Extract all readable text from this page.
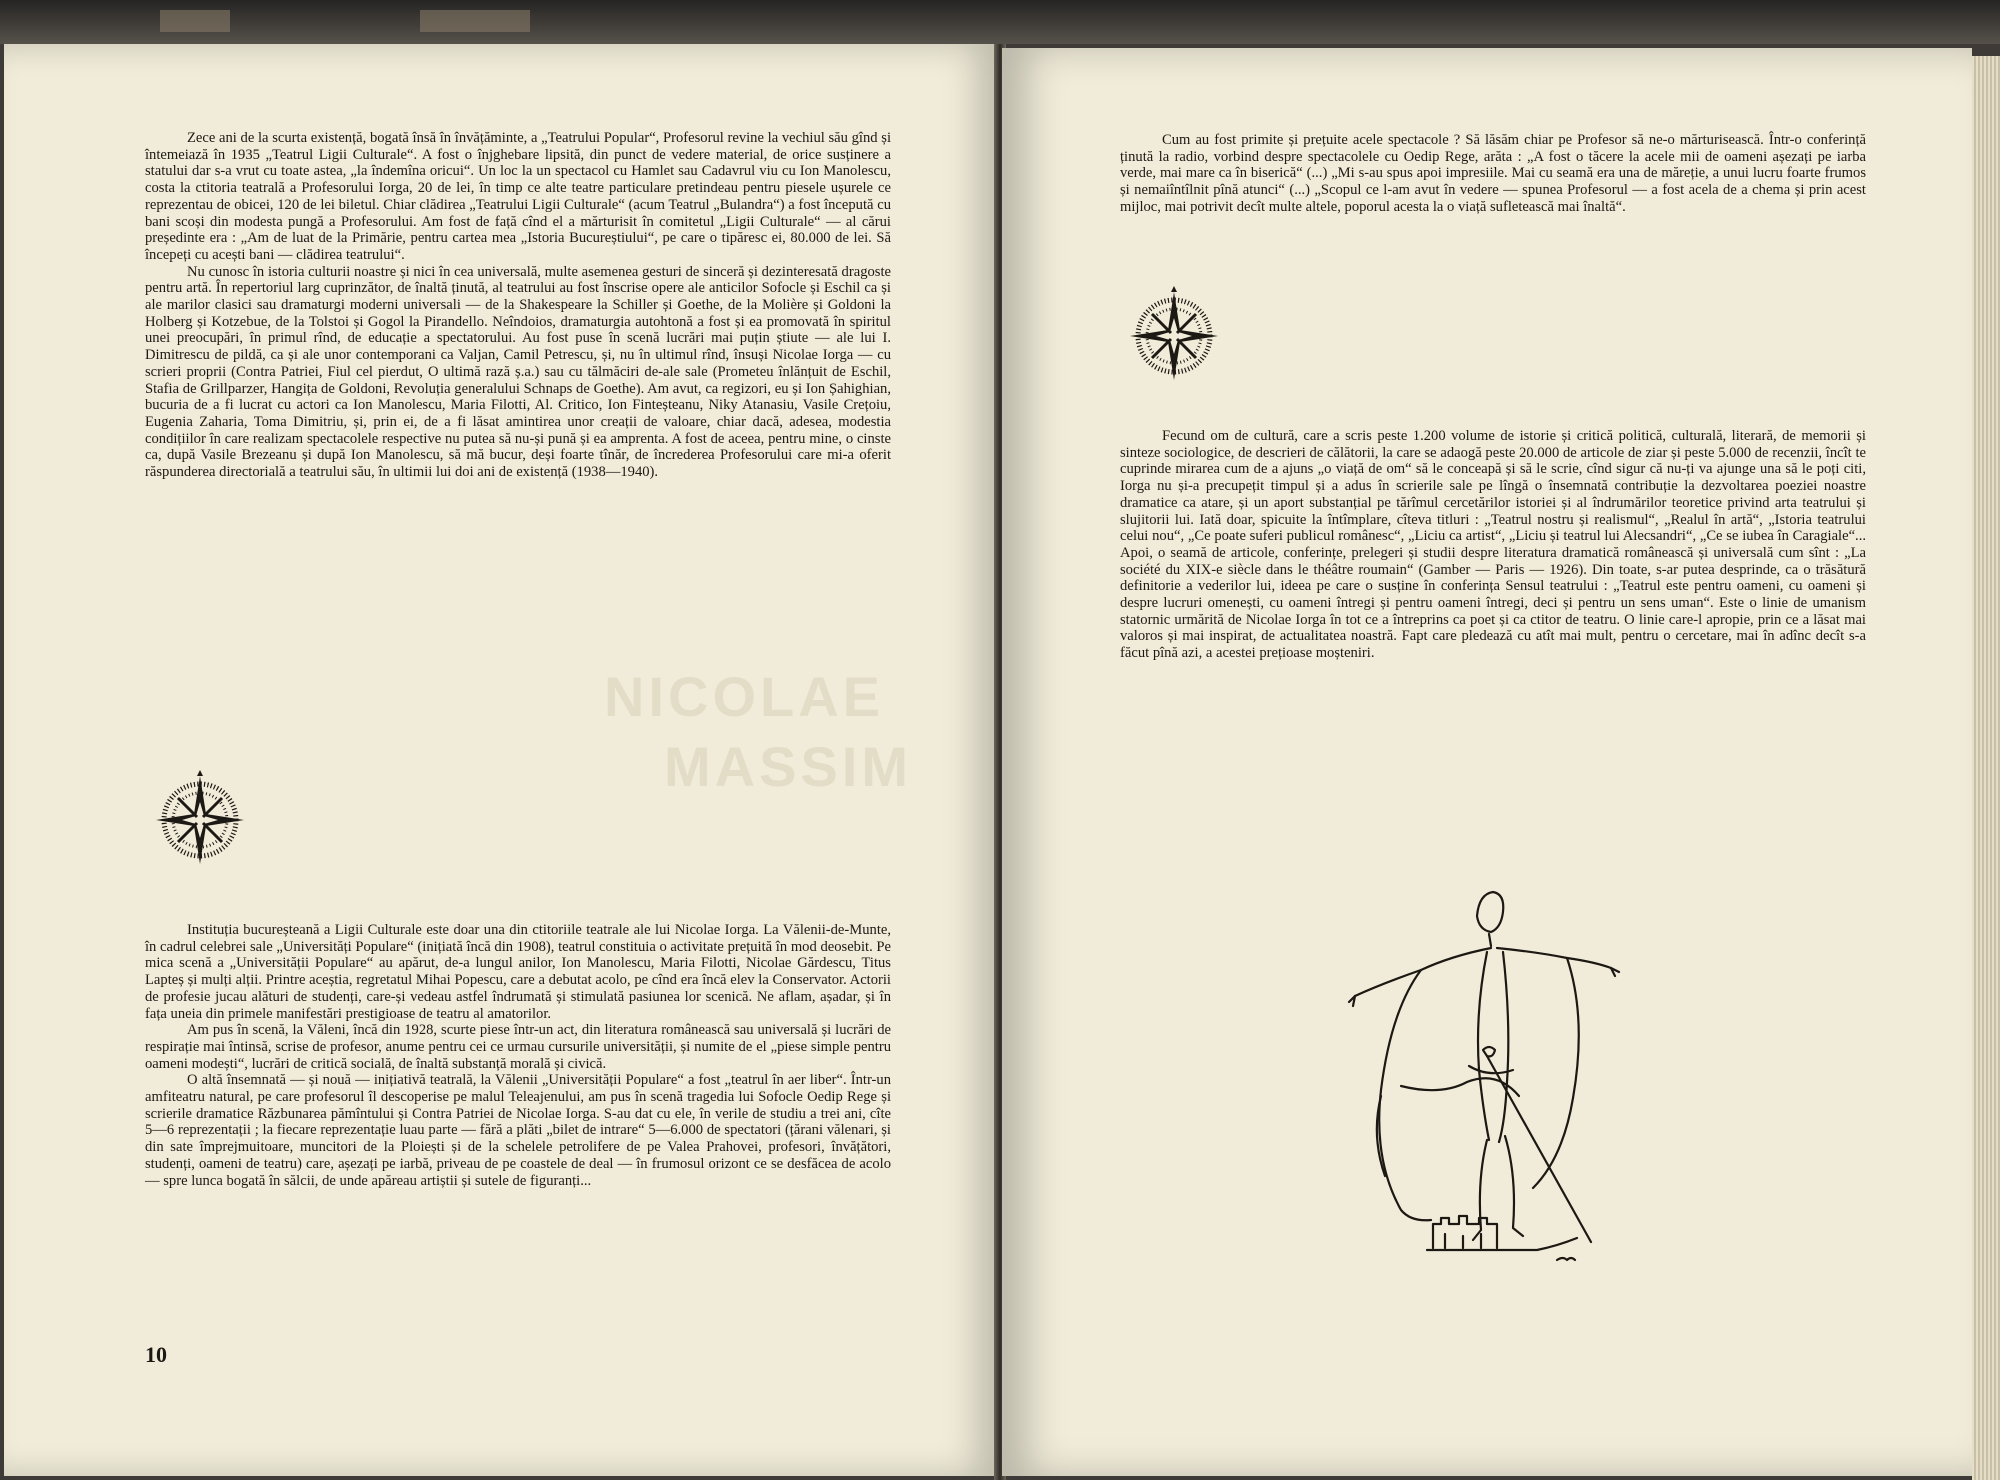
Zece ani de la scurta existență, bogată însă în învățăminte, a „Teatrului Popular“, Profesorul revine la vechiul său gînd și întemeiază în 1935 „Teatrul Ligii Culturale“. A fost o înjghebare lipsită, din punct de vedere material, de orice susținere a statului dar s-a vrut cu toate astea, „la îndemîna oricui“. Un loc la un spectacol cu Hamlet sau Cadavrul viu cu Ion Manolescu, costa la ctitoria teatrală a Profesorului Iorga, 20 de lei, în timp ce alte teatre particulare pretindeau pentru piesele ușurele ce reprezentau de obicei, 120 de lei biletul. Chiar clădirea „Teatrului Ligii Culturale“ (acum Teatrul „Bulandra“) a fost începută cu bani scoși din modesta pungă a Profesorului. Am fost de față cînd el a mărturisit în comitetul „Ligii Culturale“ — al cărui președinte era : „Am de luat de la Primărie, pentru cartea mea „Istoria Bucureștiului“, pe care o tipăresc ei, 80.000 de lei. Să începeți cu acești bani — clădirea teatrului“.

Nu cunosc în istoria culturii noastre și nici în cea universală, multe asemenea gesturi de sinceră și dezinteresată dragoste pentru artă. În repertoriul larg cuprinzător, de înaltă ținută, al teatrului au fost înscrise opere ale anticilor Sofocle și Eschil ca și ale marilor clasici sau dramaturgi moderni universali — de la Shakespeare la Schiller și Goethe, de la Molière și Goldoni la Holberg și Kotzebue, de la Tolstoi și Gogol la Pirandello. Neîndoios, dramaturgia autohtonă a fost și ea promovată în spiritul unei preocupări, în primul rînd, de educație a spectatorului. Au fost puse în scenă lucrări mai puțin știute — ale lui I. Dimitrescu de pildă, ca și ale unor contemporani ca Valjan, Camil Petrescu, și, nu în ultimul rînd, însuși Nicolae Iorga — cu scrieri proprii (Contra Patriei, Fiul cel pierdut, O ultimă rază ș.a.) sau cu tălmăciri de-ale sale (Prometeu înlănțuit de Eschil, Stafia de Grillparzer, Hangița de Goldoni, Revoluția generalului Schnaps de Goethe). Am avut, ca regizori, eu și Ion Șahighian, bucuria de a fi lucrat cu actori ca Ion Manolescu, Maria Filotti, Al. Critico, Ion Finteșteanu, Niky Atanasiu, Vasile Crețoiu, Eugenia Zaharia, Toma Dimitriu, și, prin ei, de a fi lăsat amintirea unor creații de valoare, chiar dacă, adesea, modestia condițiilor în care realizam spectacolele respective nu putea să nu-și pună și ea amprenta. A fost de aceea, pentru mine, o cinste ca, după Vasile Brezeanu și după Ion Manolescu, să mă bucur, deși foarte tînăr, de încrederea Profesorului care mi-a oferit răspunderea directorială a teatrului său, în ultimii lui doi ani de existență (1938—1940).

NICOLAE
MASSIM

Instituția bucureșteană a Ligii Culturale este doar una din ctitoriile teatrale ale lui Nicolae Iorga. La Vălenii-de-Munte, în cadrul celebrei sale „Universități Populare“ (inițiată încă din 1908), teatrul constituia o activitate prețuită în mod deosebit. Pe mica scenă a „Universității Populare“ au apărut, de-a lungul anilor, Ion Manolescu, Maria Filotti, Nicolae Gărdescu, Titus Lapteș și mulți alții. Printre aceștia, regretatul Mihai Popescu, care a debutat acolo, pe cînd era încă elev la Conservator. Actorii de profesie jucau alături de studenți, care-și vedeau astfel îndrumată și stimulată pasiunea lor scenică. Ne aflam, așadar, și în fața uneia din primele manifestări prestigioase de teatru al amatorilor.

Am pus în scenă, la Văleni, încă din 1928, scurte piese într-un act, din literatura românească sau universală și lucrări de respirație mai întinsă, scrise de profesor, anume pentru cei ce urmau cursurile universității, și numite de el „piese simple pentru oameni modești“, lucrări de critică socială, de înaltă substanță morală și civică.

O altă însemnată — și nouă — inițiativă teatrală, la Vălenii „Universității Populare“ a fost „teatrul în aer liber“. Într-un amfiteatru natural, pe care profesorul îl descoperise pe malul Teleajenului, am pus în scenă tragedia lui Sofocle Oedip Rege și scrierile dramatice Răzbunarea pămîntului și Contra Patriei de Nicolae Iorga. S-au dat cu ele, în verile de studiu a trei ani, cîte 5—6 reprezentații ; la fiecare reprezentație luau parte — fără a plăti „bilet de intrare“ 5—6.000 de spectatori (țărani vălenari, și din sate împrejmuitoare, muncitori de la Ploiești și de la schelele petrolifere de pe Valea Prahovei, profesori, învățători, studenți, oameni de teatru) care, așezați pe iarbă, priveau de pe coastele de deal — în frumosul orizont ce se desfăcea de acolo — spre lunca bogată în sălcii, de unde apăreau artiștii și sutele de figuranți...

10

Cum au fost primite și prețuite acele spectacole ? Să lăsăm chiar pe Profesor să ne-o mărturisească. Într-o conferință ținută la radio, vorbind despre spectacolele cu Oedip Rege, arăta : „A fost o tăcere la acele mii de oameni așezați pe iarba verde, mai mare ca în biserică“ (...) „Mi s-au spus apoi impresiile. Mai cu seamă era una de măreție, a unui lucru foarte frumos și nemaiîntîlnit pînă atunci“ (...) „Scopul ce l-am avut în vedere — spunea Profesorul — a fost acela de a chema și prin acest mijloc, mai potrivit decît multe altele, poporul acesta la o viață sufletească mai înaltă“.

Fecund om de cultură, care a scris peste 1.200 volume de istorie și critică politică, culturală, literară, de memorii și sinteze sociologice, de descrieri de călătorii, la care se adaogă peste 20.000 de articole de ziar și peste 5.000 de recenzii, încît te cuprinde mirarea cum de a ajuns „o viață de om“ să le conceapă și să le scrie, cînd sigur că nu-ți va ajunge una să le poți citi, Iorga nu și-a precupețit timpul și a adus în scrierile sale pe lîngă o însemnată contribuție la dezvoltarea poeziei noastre dramatice ca atare, și un aport substanțial pe tărîmul cercetărilor istoriei și al îndrumărilor teoretice privind arta teatrului și slujitorii lui. Iată doar, spicuite la întîmplare, cîteva titluri : „Teatrul nostru și realismul“, „Realul în artă“, „Istoria teatrului celui nou“, „Ce poate suferi publicul românesc“, „Liciu ca artist“, „Liciu și teatrul lui Alecsandri“, „Ce se iubea în Caragiale“... Apoi, o seamă de articole, conferințe, prelegeri și studii despre literatura dramatică românească și universală cum sînt : „La société du XIX-e siècle dans le théâtre roumain“ (Gamber — Paris — 1926). Din toate, s-ar putea desprinde, ca o trăsătură definitorie a vederilor lui, ideea pe care o susține în conferința Sensul teatrului : „Teatrul este pentru oameni, cu oameni și despre lucruri omenești, cu oameni întregi și pentru oameni întregi, deci și pentru un sens uman“. Este o linie de umanism statornic urmărită de Nicolae Iorga în tot ce a întreprins ca poet și ca ctitor de teatru. O linie care-l apropie, prin ce a lăsat mai valoros și mai inspirat, de actualitatea noastră. Fapt care pledează cu atît mai mult, pentru o cercetare, mai în adînc decît s-a făcut pînă azi, a acestei prețioase moșteniri.
